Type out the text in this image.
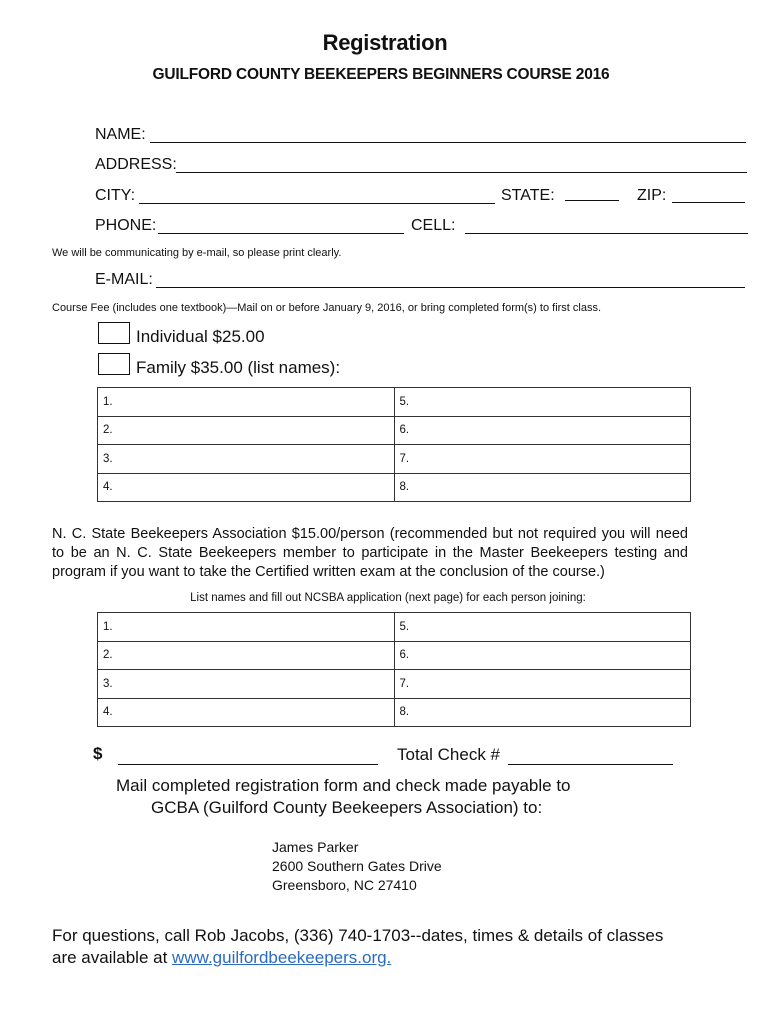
Registration
GUILFORD COUNTY BEEKEEPERS BEGINNERS COURSE 2016
NAME:
ADDRESS:
CITY:	STATE:	ZIP:
PHONE:	CELL:
We will be communicating by e-mail, so please print clearly.
E-MAIL:
Course Fee (includes one textbook)—Mail on or before January 9, 2016, or bring completed form(s) to first class.
Individual $25.00
Family $35.00 (list names):
1.	5.
2.	6.
3.	7.
4.	8.
N. C. State Beekeepers Association $15.00/person (recommended but not required you will need to be an N. C. State Beekeepers member to participate in the Master Beekeepers testing and program if you want to take the Certified written exam at the conclusion of the course.)
List names and fill out NCSBA application (next page) for each person joining:
1.	5.
2.	6.
3.	7.
4.	8.
$	Total Check #
Mail completed registration form and check made payable to
GCBA (Guilford County Beekeepers Association) to:
James Parker
2600 Southern Gates Drive
Greensboro, NC 27410
For questions, call Rob Jacobs, (336) 740-1703--dates, times & details of classes are available at www.guilfordbeekeepers.org.
